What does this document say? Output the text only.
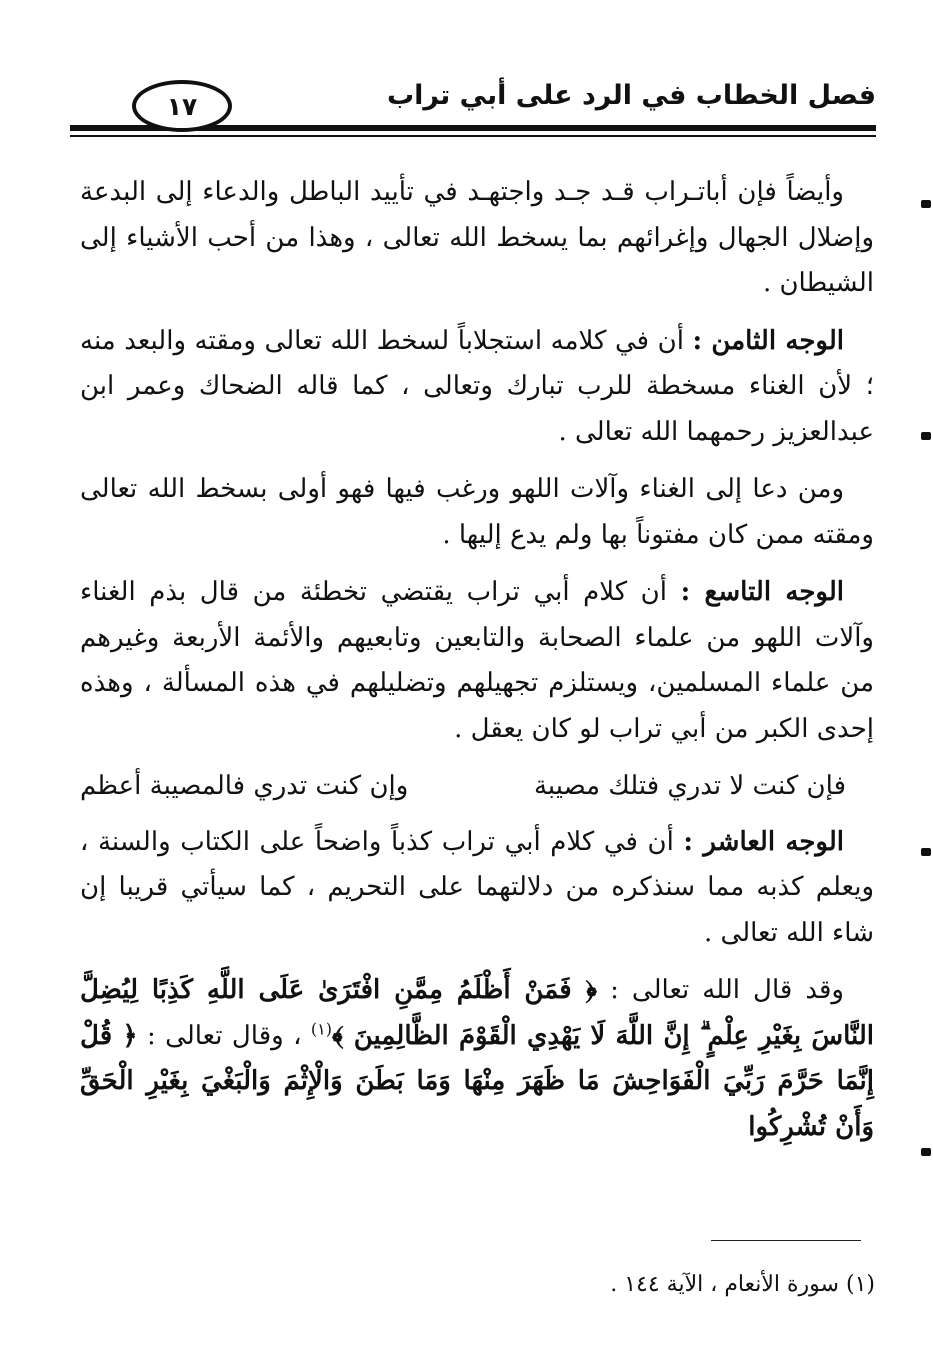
فصل الخطاب في الرد على أبي تراب
١٧

وأيضاً فإن أباتـراب قـد جـد واجتهـد في تأييد الباطل والدعاء إلى البدعة وإضلال الجهال وإغرائهم بما يسخط الله تعالى ، وهذا من أحب الأشياء إلى الشيطان .

الوجه الثامن : أن في كلامه استجلاباً لسخط الله تعالى ومقته والبعد منه ؛ لأن الغناء مسخطة للرب تبارك وتعالى ، كما قاله الضحاك وعمر ابن عبدالعزيز رحمهما الله تعالى .

ومن دعا إلى الغناء وآلات اللهو ورغب فيها فهو أولى بسخط الله تعالى ومقته ممن كان مفتوناً بها ولم يدع إليها .

الوجه التاسع : أن كلام أبي تراب يقتضي تخطئة من قال بذم الغناء وآلات اللهو من علماء الصحابة والتابعين وتابعيهم والأئمة الأربعة وغيرهم من علماء المسلمين، ويستلزم تجهيلهم وتضليلهم في هذه المسألة ، وهذه إحدى الكبر من أبي تراب لو كان يعقل .

فإن كنت لا تدري فتلك مصيبة
وإن كنت تدري فالمصيبة أعظم

الوجه العاشر : أن في كلام أبي تراب كذباً واضحاً على الكتاب والسنة ، ويعلم كذبه مما سنذكره من دلالتهما على التحريم ، كما سيأتي قريبا إن شاء الله تعالى .

وقد قال الله تعالى : ﴿ فَمَنْ أَظْلَمُ مِمَّنِ افْتَرَىٰ عَلَى اللَّهِ كَذِبًا لِيُضِلَّ النَّاسَ بِغَيْرِ عِلْمٍ ۗ إِنَّ اللَّهَ لَا يَهْدِي الْقَوْمَ الظَّالِمِينَ ﴾$^{(١)}$ ، وقال تعالى : ﴿ قُلْ إِنَّمَا حَرَّمَ رَبِّيَ الْفَوَاحِشَ مَا ظَهَرَ مِنْهَا وَمَا بَطَنَ وَالْإِثْمَ وَالْبَغْيَ بِغَيْرِ الْحَقِّ وَأَنْ تُشْرِكُوا

(١) سورة الأنعام ، الآية ١٤٤ .
